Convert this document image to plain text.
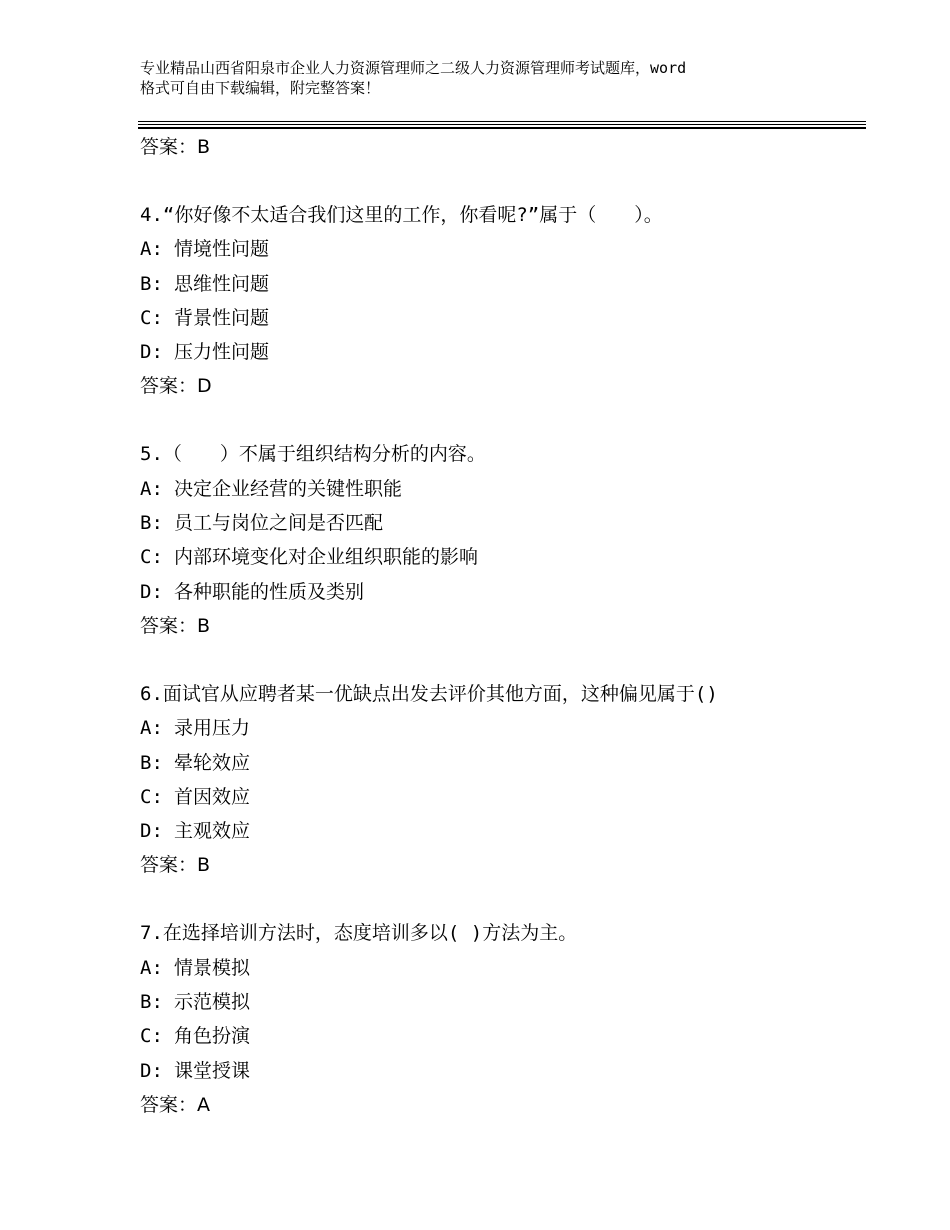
专业精品山西省阳泉市企业人力资源管理师之二级人力资源管理师考试题库，word
格式可自由下载编辑，附完整答案！
答案：B
4.“你好像不太适合我们这里的工作，你看呢?”属于（　　）。
A: 情境性问题
B: 思维性问题
C: 背景性问题
D: 压力性问题
答案：D
5.（　　）不属于组织结构分析的内容。
A: 决定企业经营的关键性职能
B: 员工与岗位之间是否匹配
C: 内部环境变化对企业组织职能的影响
D: 各种职能的性质及类别
答案：B
6.面试官从应聘者某一优缺点出发去评价其他方面，这种偏见属于()
A: 录用压力
B: 晕轮效应
C: 首因效应
D: 主观效应
答案：B
7.在选择培训方法时，态度培训多以( )方法为主。
A: 情景模拟
B: 示范模拟
C: 角色扮演
D: 课堂授课
答案：A
